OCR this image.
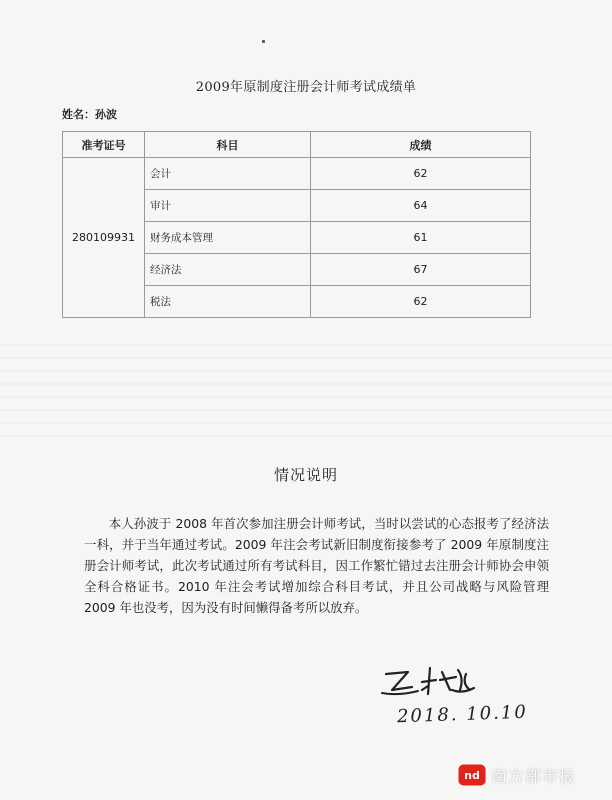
2009年原制度注册会计师考试成绩单
姓名：孙波
准考证号	科目	成绩
280109931	会计	62
	审计	64
	财务成本管理	61
	经济法	67
	税法	62
情况说明

本人孙波于 2008 年首次参加注册会计师考试，当时以尝试的心态报考了经济法一科，并于当年通过考试。2009 年注会考试新旧制度衔接参考了 2009 年原制度注册会计师考试，此次考试通过所有考试科目，因工作繁忙错过去注册会计师协会申领全科合格证书。2010 年注会考试增加综合科目考试，并且公司战略与风险管理 2009 年也没考，因为没有时间懒得备考所以放弃。

2018. 10.10
nd 南方都市报
